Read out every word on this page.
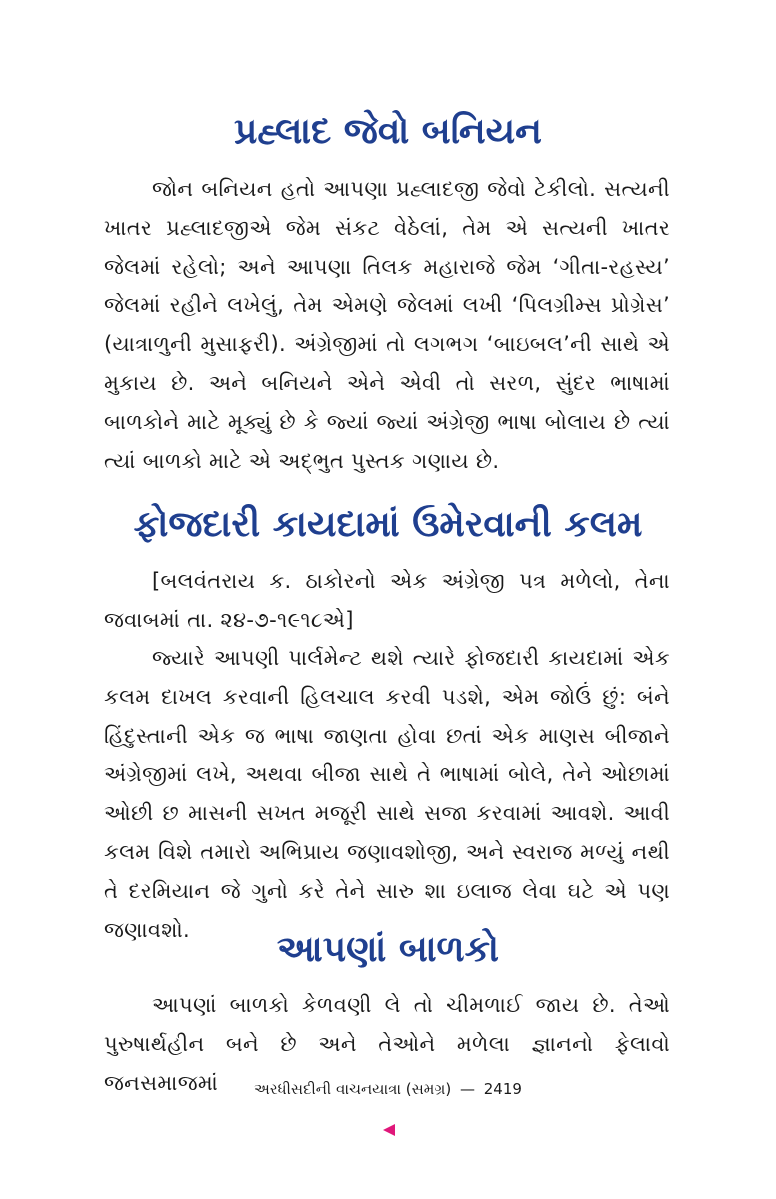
પ્રહ્લાદ જેવો બનિયન

જોન બનિયન હતો આપણા પ્રહ્લાદજી જેવો ટેકીલો. સત્યની ખાતર પ્રહ્લાદજીએ જેમ સંકટ વેઠેલાં, તેમ એ સત્યની ખાતર જેલમાં રહેલો; અને આપણા તિલક મહારાજે જેમ ‘ગીતા-રહસ્ય’ જેલમાં રહીને લખેલું, તેમ એમણે જેલમાં લખી ‘પિલગ્રીમ્સ પ્રોગ્રેસ’ (યાત્રાળુની મુસાફરી). અંગ્રેજીમાં તો લગભગ ‘બાઇબલ’ની સાથે એ મુકાય છે. અને બનિયને એને એવી તો સરળ, સુંદર ભાષામાં બાળકોને માટે મૂક્યું છે કે જ્યાં જ્યાં અંગ્રેજી ભાષા બોલાય છે ત્યાં ત્યાં બાળકો માટે એ અદ્ભુત પુસ્તક ગણાય છે.

ફોજદારી કાયદામાં ઉમેરવાની કલમ

[બલવંતરાય ક. ઠાકોરનો એક અંગ્રેજી પત્ર મળેલો, તેના જવાબમાં તા. ૨૪-૭-૧૯૧૮એ]

જ્યારે આપણી પાર્લમેન્ટ થશે ત્યારે ફોજદારી કાયદામાં એક કલમ દાખલ કરવાની હિલચાલ કરવી પડશે, એમ જોઉં છું: બંને હિંદુસ્તાની એક જ ભાષા જાણતા હોવા છતાં એક માણસ બીજાને અંગ્રેજીમાં લખે, અથવા બીજા સાથે તે ભાષામાં બોલે, તેને ઓછામાં ઓછી છ માસની સખત મજૂરી સાથે સજા કરવામાં આવશે. આવી કલમ વિશે તમારો અભિપ્રાય જણાવશોજી, અને સ્વરાજ મળ્યું નથી તે દરમિયાન જે ગુનો કરે તેને સારુ શા ઇલાજ લેવા ઘટે એ પણ જણાવશો.	આપણાં બાળકો

આપણાં બાળકો કેળવણી લે તો ચીમળાઈ જાય છે. તેઓ પુરુષાર્થહીન બને છે અને તેઓને મળેલા જ્ઞાનનો ફેલાવો જનસમાજમાં	અરધીસદીની વાચનયાત્રા (સમગ્ર) — 2419
